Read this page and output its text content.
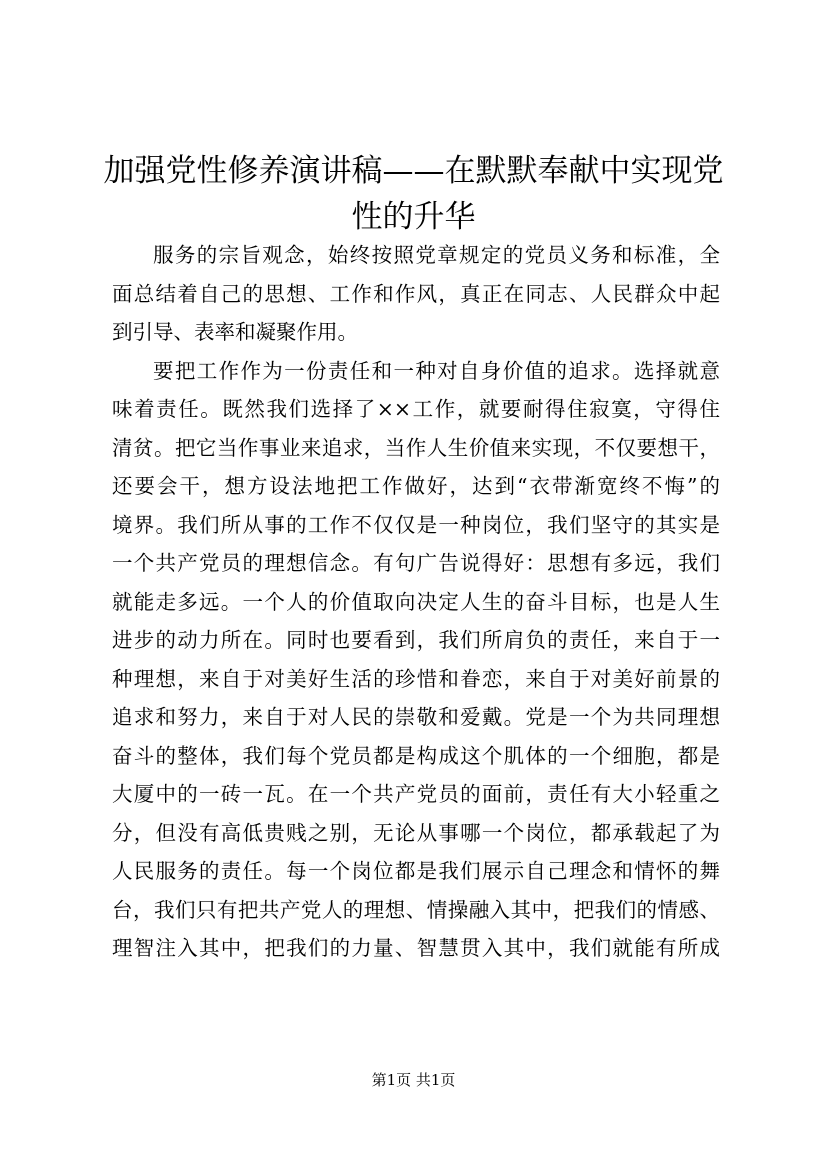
加强党性修养演讲稿——在默默奉献中实现党性的升华
服务的宗旨观念，始终按照党章规定的党员义务和标准，全
面总结着自己的思想、工作和作风，真正在同志、人民群众中起
到引导、表率和凝聚作用。
要把工作作为一份责任和一种对自身价值的追求。选择就意
味着责任。既然我们选择了××工作，就要耐得住寂寞，守得住
清贫。把它当作事业来追求，当作人生价值来实现，不仅要想干，
还要会干，想方设法地把工作做好，达到“衣带渐宽终不悔”的
境界。我们所从事的工作不仅仅是一种岗位，我们坚守的其实是
一个共产党员的理想信念。有句广告说得好：思想有多远，我们
就能走多远。一个人的价值取向决定人生的奋斗目标，也是人生
进步的动力所在。同时也要看到，我们所肩负的责任，来自于一
种理想，来自于对美好生活的珍惜和眷恋，来自于对美好前景的
追求和努力，来自于对人民的崇敬和爱戴。党是一个为共同理想
奋斗的整体，我们每个党员都是构成这个肌体的一个细胞，都是
大厦中的一砖一瓦。在一个共产党员的面前，责任有大小轻重之
分，但没有高低贵贱之别，无论从事哪一个岗位，都承载起了为
人民服务的责任。每一个岗位都是我们展示自己理念和情怀的舞
台，我们只有把共产党人的理想、情操融入其中，把我们的情感、
理智注入其中，把我们的力量、智慧贯入其中，我们就能有所成
第1页 共1页
